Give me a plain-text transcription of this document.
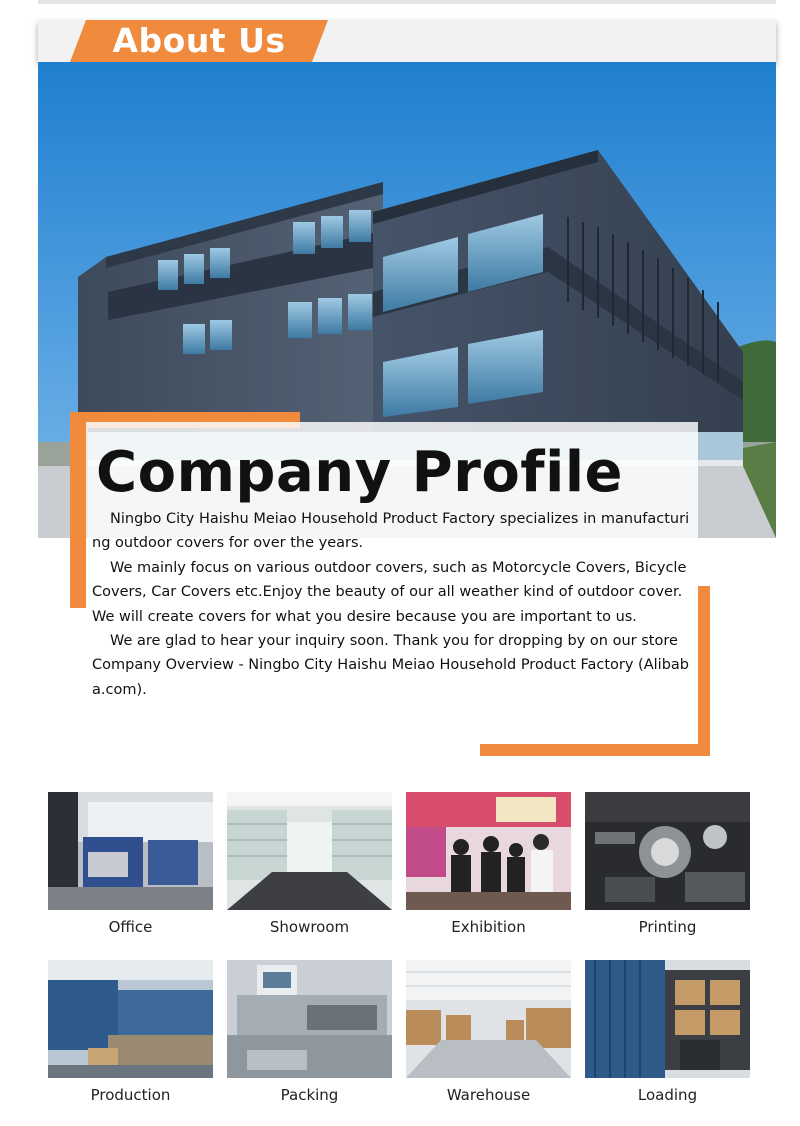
About Us
Company Profile

Ningbo City Haishu Meiao Household Product Factory specializes in manufacturing outdoor covers for over the years.

We mainly focus on various outdoor covers, such as Motorcycle Covers, Bicycle Covers, Car Covers etc.Enjoy the beauty of our all weather kind of outdoor cover. We will create covers for what you desire because you are important to us.

We are glad to hear your inquiry soon. Thank you for dropping by on our store Company Overview - Ningbo City Haishu Meiao Household Product Factory (Alibaba.com).

Office	Showroom	Exhibition	Printing
Production	Packing	Warehouse	Loading
